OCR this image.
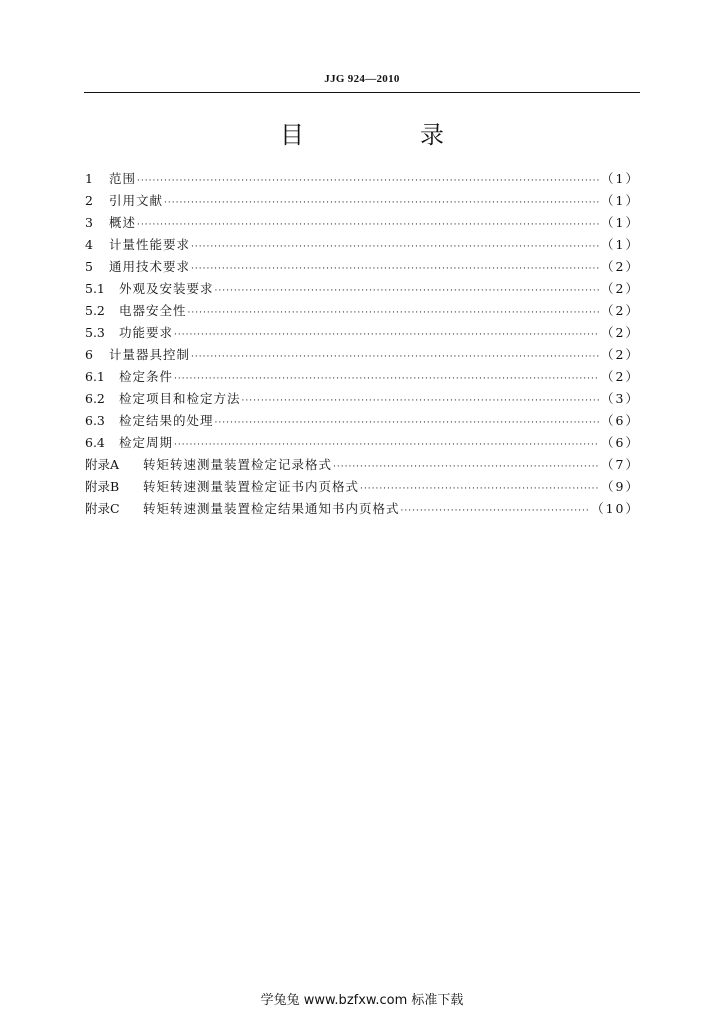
JJG 924—2010
目　录
1	范围 ·····	（1）
2	引用文献 ·····	（1）
3	概述 ·····	（1）
4	计量性能要求 ·····	（1）
5	通用技术要求 ·····	（2）
5.1	外观及安装要求 ·····	（2）
5.2	电器安全性 ·····	（2）
5.3	功能要求 ·····	（2）
6	计量器具控制 ·····	（2）
6.1	检定条件 ·····	（2）
6.2	检定项目和检定方法 ·····	（3）
6.3	检定结果的处理 ·····	（6）
6.4	检定周期 ·····	（6）
附录A	转矩转速测量装置检定记录格式 ·····	（7）
附录B	转矩转速测量装置检定证书内页格式 ·····	（9）
附录C	转矩转速测量装置检定结果通知书内页格式 ·····	（10）
学兔兔 www.bzfxw.com 标准下载
